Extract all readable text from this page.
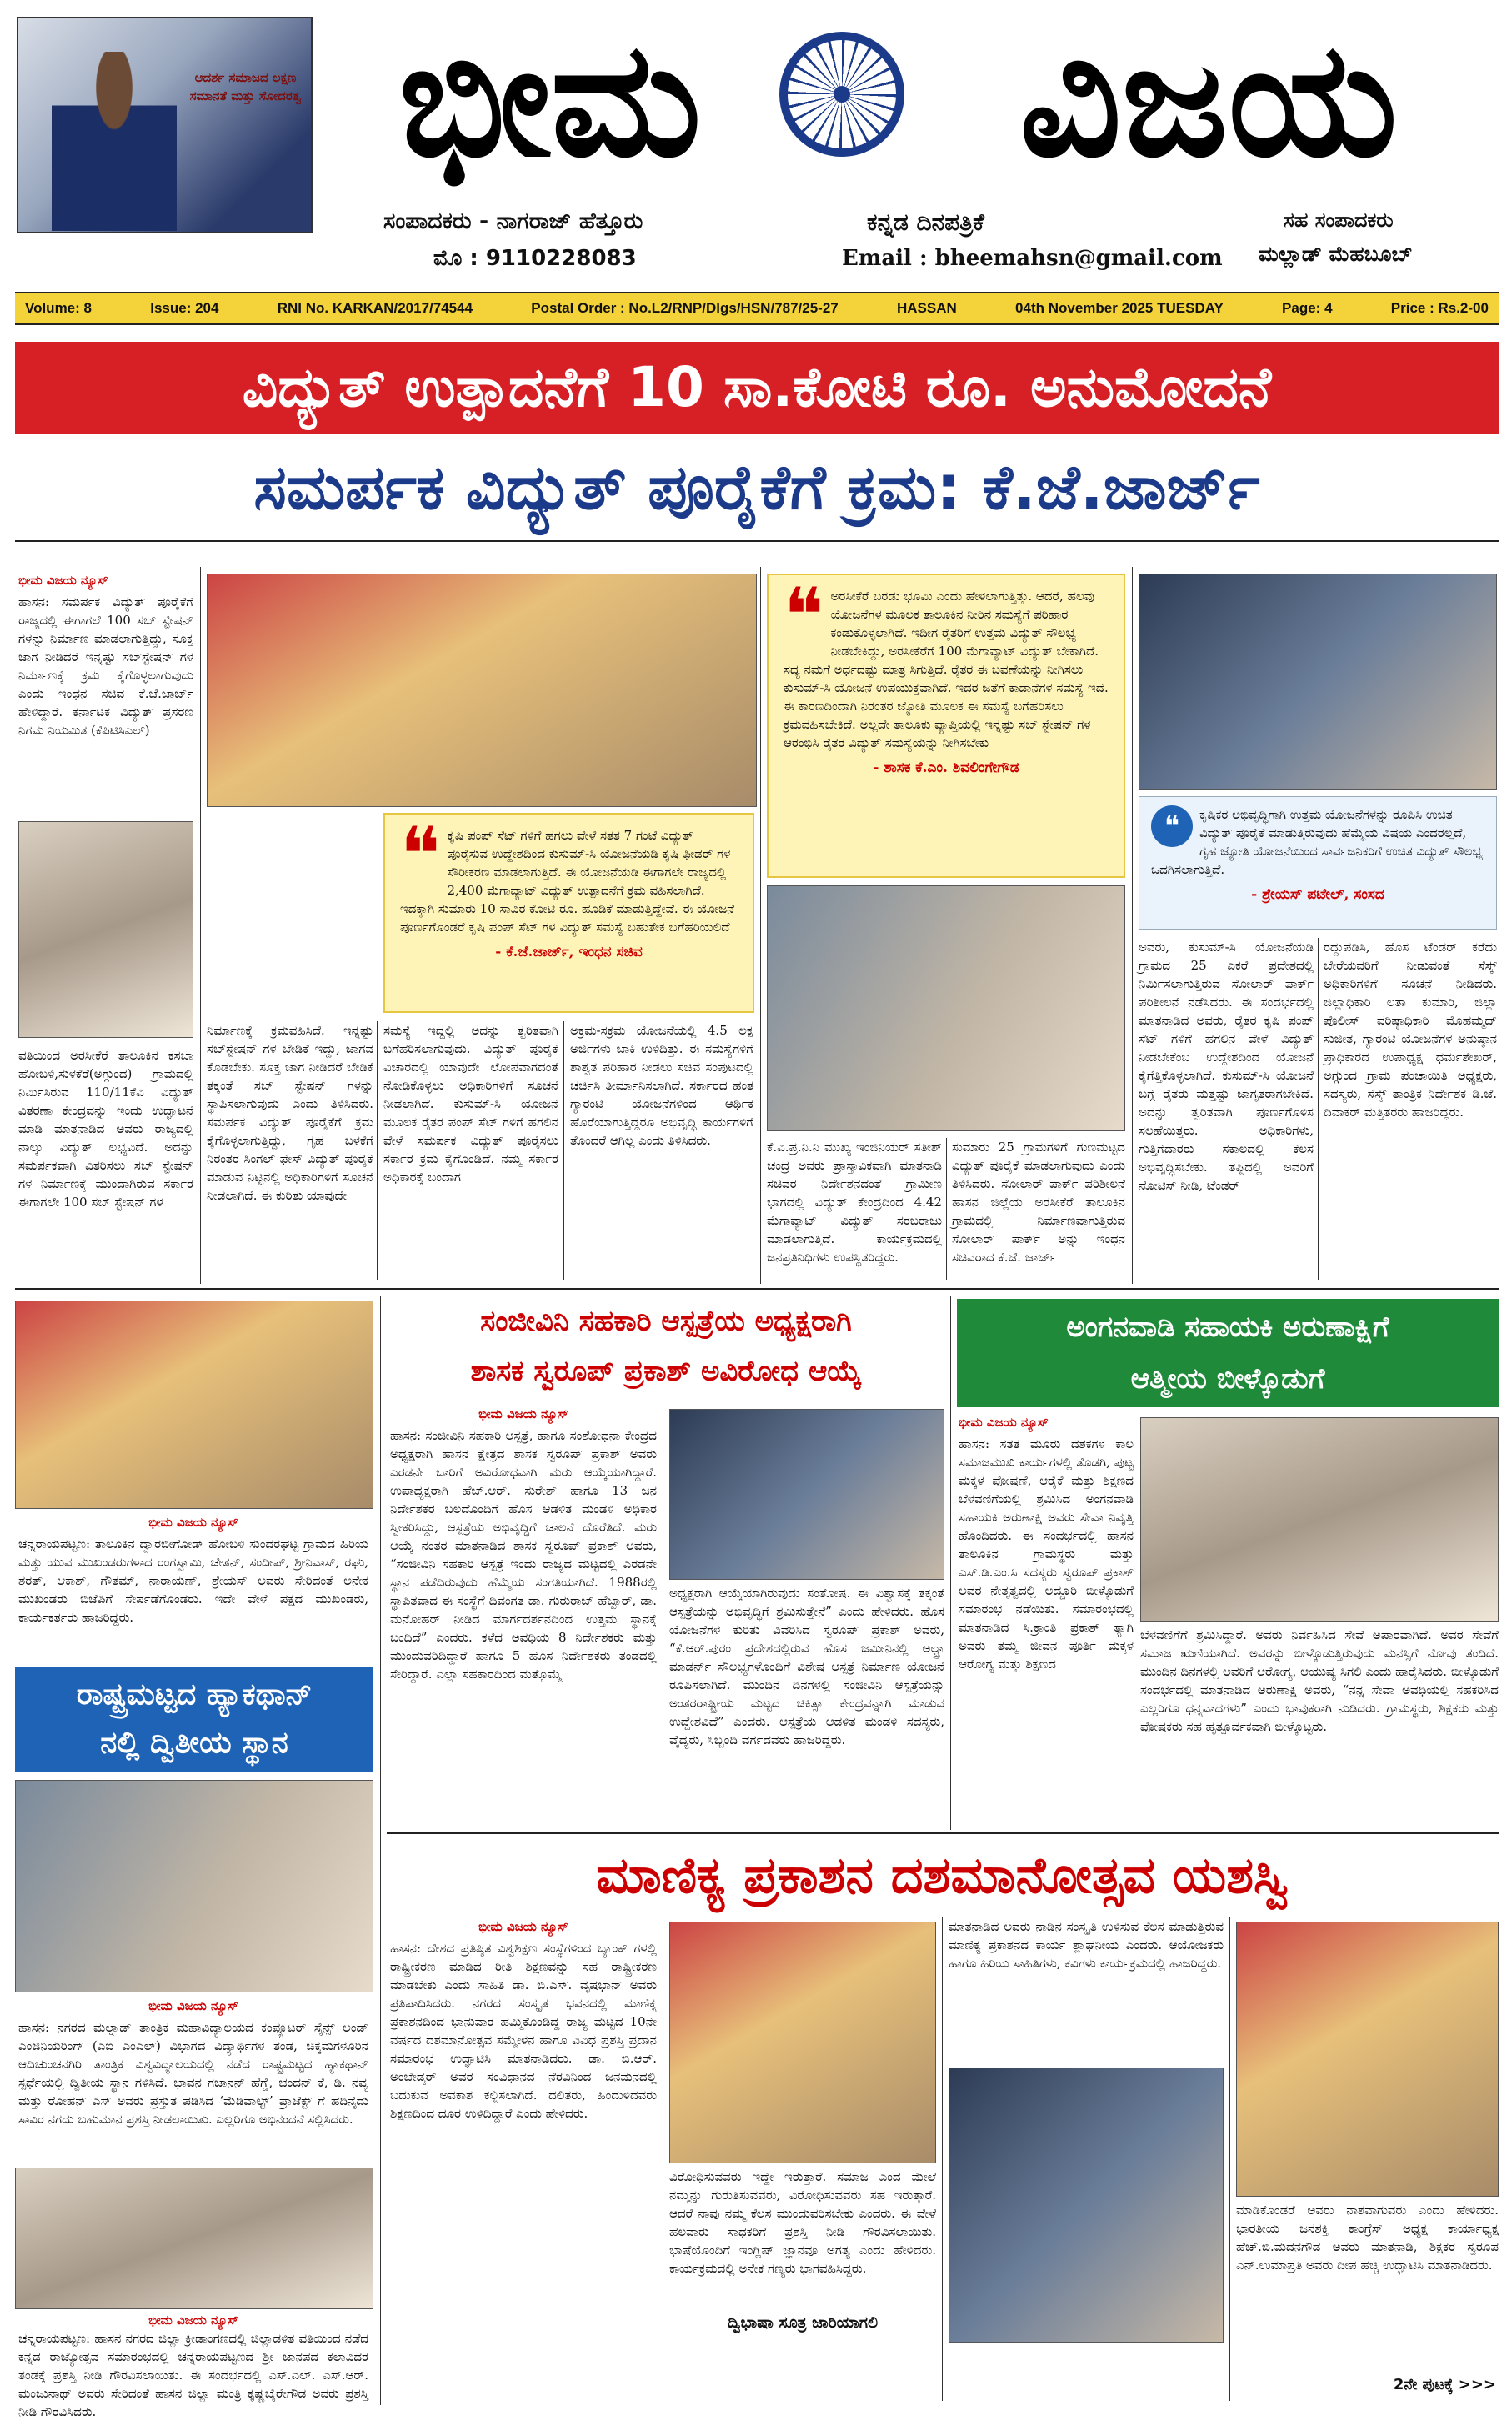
ಆದರ್ಶ ಸಮಾಜದ ಲಕ್ಷಣ ಸಮಾನತೆ ಮತ್ತು ಸೋದರತ್ವ ಭೀಮ	ವಿಜಯ
ಸಂಪಾದಕರು - ನಾಗರಾಜ್ ಹೆತ್ತೂರು
ಮೊ : 9110228083
ಕನ್ನಡ ದಿನಪತ್ರಿಕೆ
Email : bheemahsn@gmail.com
ಸಹ ಸಂಪಾದಕರು
ಮಲ್ಲಾಡ್ ಮೆಹಬೂಬ್
Volume: 8	Issue: 204	RNI No. KARKAN/2017/74544	Postal Order : No.L2/RNP/Dlgs/HSN/787/25-27	HASSAN	04th November 2025 TUESDAY	Page: 4	Price : Rs.2-00
ವಿದ್ಯುತ್ ಉತ್ಪಾದನೆಗೆ 10 ಸಾ.ಕೋಟಿ ರೂ. ಅನುಮೋದನೆ
ಸಮರ್ಪಕ ವಿದ್ಯುತ್ ಪೂರೈಕೆಗೆ ಕ್ರಮ: ಕೆ.ಜೆ.ಜಾರ್ಜ್
ಭೀಮ ವಿಜಯ ನ್ಯೂಸ್
ಹಾಸನ: ಸಮರ್ಪಕ ವಿದ್ಯುತ್ ಪೂರೈಕೆಗೆ ರಾಜ್ಯದಲ್ಲಿ ಈಗಾಗಲೆ 100 ಸಬ್ ಸ್ಟೇಷನ್ ಗಳನ್ನು ನಿರ್ಮಾಣ ಮಾಡಲಾಗುತ್ತಿದ್ದು, ಸೂಕ್ತ ಜಾಗ ನೀಡಿದರೆ ಇನ್ನಷ್ಟು ಸಬ್‌ಸ್ಟೇಷನ್ ಗಳ ನಿರ್ಮಾಣಕ್ಕೆ ಕ್ರಮ ಕೈಗೊಳ್ಳಲಾಗುವುದು ಎಂದು ಇಂಧನ ಸಚಿವ ಕೆ.ಜೆ.ಜಾರ್ಜ್ ಹೇಳಿದ್ದಾರೆ. ಕರ್ನಾಟಕ ವಿದ್ಯುತ್ ಪ್ರಸರಣ ನಿಗಮ ನಿಯಮಿತ (ಕೆಪಿಟಿಸಿಎಲ್)
ವತಿಯಿಂದ ಅರಸೀಕೆರೆ ತಾಲೂಕಿನ ಕಸಬಾ ಹೋಬಳಿ,ಸುಳಕೆರೆ(ಅಗ್ಗುಂದ) ಗ್ರಾಮದಲ್ಲಿ ನಿರ್ಮಿಸಿರುವ 110/11ಕೆವಿ ವಿದ್ಯುತ್ ವಿತರಣಾ ಕೇಂದ್ರವನ್ನು ಇಂದು ಉದ್ಘಾಟನೆ ಮಾಡಿ ಮಾತನಾಡಿದ ಅವರು ರಾಜ್ಯದಲ್ಲಿ ನಾಲ್ಕು ವಿದ್ಯುತ್ ಲಭ್ಯವಿದೆ. ಅದನ್ನು ಸಮರ್ಪಕವಾಗಿ ವಿತರಿಸಲು ಸಬ್ ಸ್ಟೇಷನ್ ಗಳ ನಿರ್ಮಾಣಕ್ಕೆ ಮುಂದಾಗಿರುವ ಸರ್ಕಾರ ಈಗಾಗಲೇ 100 ಸಬ್ ಸ್ಟೇಷನ್ ಗಳ
❝ ಕೃಷಿ ಪಂಪ್ ಸೆಟ್ ಗಳಿಗೆ ಹಗಲು ವೇಳೆ ಸತತ 7 ಗಂಟೆ ವಿದ್ಯುತ್ ಪೂರೈಸುವ ಉದ್ದೇಶದಿಂದ ಕುಸುಮ್-ಸಿ ಯೋಜನೆಯಡಿ ಕೃಷಿ ಫೀಡರ್ ಗಳ ಸೌರೀಕರಣ ಮಾಡಲಾಗುತ್ತಿದೆ. ಈ ಯೋಜನೆಯಡಿ ಈಗಾಗಲೇ ರಾಜ್ಯದಲ್ಲಿ 2,400 ಮೆಗಾವ್ಯಾಟ್ ವಿದ್ಯುತ್ ಉತ್ಪಾದನೆಗೆ ಕ್ರಮ ವಹಿಸಲಾಗಿದೆ. ಇದಕ್ಕಾಗಿ ಸುಮಾರು 10 ಸಾವಿರ ಕೋಟಿ ರೂ. ಹೂಡಿಕೆ ಮಾಡುತ್ತಿದ್ದೇವೆ. ಈ ಯೋಜನೆ ಪೂರ್ಣಗೊಂಡರೆ ಕೃಷಿ ಪಂಪ್ ಸೆಟ್ ಗಳ ವಿದ್ಯುತ್ ಸಮಸ್ಯೆ ಬಹುತೇಕ ಬಗೆಹರಿಯಲಿದೆ
- ಕೆ.ಜೆ.ಜಾರ್ಜ್, ಇಂಧನ ಸಚಿವ
ನಿರ್ಮಾಣಕ್ಕೆ ಕ್ರಮವಹಿಸಿದೆ. ಇನ್ನಷ್ಟು ಸಬ್‌ಸ್ಟೇಷನ್ ಗಳ ಬೇಡಿಕೆ ಇದ್ದು, ಜಾಗವ ಕೊಡಬೇಕು. ಸೂಕ್ತ ಜಾಗ ನೀಡಿದರೆ ಬೇಡಿಕೆ ತಕ್ಕಂತೆ ಸಬ್ ಸ್ಟೇಷನ್ ಗಳನ್ನು ಸ್ಥಾಪಿಸಲಾಗುವುದು ಎಂದು ತಿಳಿಸಿದರು. ಸಮರ್ಪಕ ವಿದ್ಯುತ್ ಪೂರೈಕೆಗೆ ಕ್ರಮ ಕೈಗೊಳ್ಳಲಾಗುತ್ತಿದ್ದು, ಗೃಹ ಬಳಕೆಗೆ ನಿರಂತರ ಸಿಂಗಲ್ ಫೇಸ್ ವಿದ್ಯುತ್ ಪೂರೈಕೆ ಮಾಡುವ ನಿಟ್ಟಿನಲ್ಲಿ ಅಧಿಕಾರಿಗಳಿಗೆ ಸೂಚನೆ ನೀಡಲಾಗಿದೆ. ಈ ಕುರಿತು ಯಾವುದೇ
ಸಮಸ್ಯೆ ಇದ್ದಲ್ಲಿ ಅದನ್ನು ತ್ವರಿತವಾಗಿ ಬಗೆಹರಿಸಲಾಗುವುದು. ವಿದ್ಯುತ್ ಪೂರೈಕೆ ವಿಚಾರದಲ್ಲಿ ಯಾವುದೇ ಲೋಪವಾಗದಂತೆ ನೋಡಿಕೊಳ್ಳಲು ಅಧಿಕಾರಿಗಳಿಗೆ ಸೂಚನೆ ನೀಡಲಾಗಿದೆ. ಕುಸುಮ್-ಸಿ ಯೋಜನೆ ಮೂಲಕ ರೈತರ ಪಂಪ್ ಸೆಟ್ ಗಳಿಗೆ ಹಗಲಿನ ವೇಳೆ ಸಮರ್ಪಕ ವಿದ್ಯುತ್ ಪೂರೈಸಲು ಸರ್ಕಾರ ಕ್ರಮ ಕೈಗೊಂಡಿದೆ. ನಮ್ಮ ಸರ್ಕಾರ ಅಧಿಕಾರಕ್ಕೆ ಬಂದಾಗ
ಅಕ್ರಮ-ಸಕ್ರಮ ಯೋಜನೆಯಲ್ಲಿ 4.5 ಲಕ್ಷ ಅರ್ಜಿಗಳು ಬಾಕಿ ಉಳಿದಿತ್ತು. ಈ ಸಮಸ್ಯೆಗಳಿಗೆ ಶಾಶ್ವತ ಪರಿಹಾರ ನೀಡಲು ಸಚಿವ ಸಂಪುಟದಲ್ಲಿ ಚರ್ಚಿಸಿ ತೀರ್ಮಾನಿಸಲಾಗಿದೆ. ಸರ್ಕಾರದ ಹಂತ ಗ್ಯಾರಂಟಿ ಯೋಜನೆಗಳಿಂದ ಆರ್ಥಿಕ ಹೊರೆಯಾಗುತ್ತಿದ್ದರೂ ಅಭಿವೃದ್ಧಿ ಕಾರ್ಯಗಳಿಗೆ ತೊಂದರೆ ಆಗಿಲ್ಲ ಎಂದು ತಿಳಿಸಿದರು.
❝ ಅರಸೀಕೆರೆ ಬರಡು ಭೂಮಿ ಎಂದು ಹೇಳಲಾಗುತ್ತಿತ್ತು. ಆದರೆ, ಹಲವು ಯೋಜನೆಗಳ ಮೂಲಕ ತಾಲೂಕಿನ ನೀರಿನ ಸಮಸ್ಯೆಗೆ ಪರಿಹಾರ ಕಂಡುಕೊಳ್ಳಲಾಗಿದೆ. ಇದೀಗ ರೈತರಿಗೆ ಉತ್ತಮ ವಿದ್ಯುತ್ ಸೌಲಭ್ಯ ನೀಡಬೇಕಿದ್ದು, ಅರಸೀಕೆರೆಗೆ 100 ಮೆಗಾವ್ಯಾಟ್ ವಿದ್ಯುತ್ ಬೇಕಾಗಿದೆ. ಸದ್ಯ ನಮಗೆ ಅರ್ಧದಷ್ಟು ಮಾತ್ರ ಸಿಗುತ್ತಿದೆ. ರೈತರ ಈ ಬವಣೆಯನ್ನು ನೀಗಿಸಲು ಕುಸುಮ್-ಸಿ ಯೋಜನೆ ಉಪಯುಕ್ತವಾಗಿದೆ. ಇದರ ಜತೆಗೆ ಕಾಡಾನೆಗಳ ಸಮಸ್ಯೆ ಇದೆ. ಈ ಕಾರಣದಿಂದಾಗಿ ನಿರಂತರ ಜ್ಯೋತಿ ಮೂಲಕ ಈ ಸಮಸ್ಯೆ ಬಗೆಹರಿಸಲು ಕ್ರಮವಹಿಸಬೇಕಿದೆ. ಅಲ್ಲದೇ ತಾಲೂಕು ವ್ಯಾಪ್ತಿಯಲ್ಲಿ ಇನ್ನಷ್ಟು ಸಬ್ ಸ್ಟೇಷನ್ ಗಳ ಆರಂಭಿಸಿ ರೈತರ ವಿದ್ಯುತ್ ಸಮಸ್ಯೆಯನ್ನು ನೀಗಿಸಬೇಕು
- ಶಾಸಕ ಕೆ.ಎಂ. ಶಿವಲಿಂಗೇಗೌಡ
ಕೆ.ವಿ.ಪ್ರ.ನಿ.ನಿ ಮುಖ್ಯ ಇಂಜಿನಿಯರ್ ಸತೀಶ್ ಚಂದ್ರ ಅವರು ಪ್ರಾಸ್ತಾವಿಕವಾಗಿ ಮಾತನಾಡಿ ಸಚಿವರ ನಿರ್ದೇಶನದಂತೆ ಗ್ರಾಮೀಣ ಭಾಗದಲ್ಲಿ ವಿದ್ಯುತ್ ಕೇಂದ್ರದಿಂದ 4.42 ಮೆಗಾವ್ಯಾಟ್ ವಿದ್ಯುತ್ ಸರಬರಾಜು ಮಾಡಲಾಗುತ್ತಿದೆ. ಕಾರ್ಯಕ್ರಮದಲ್ಲಿ ಜನಪ್ರತಿನಿಧಿಗಳು ಉಪಸ್ಥಿತರಿದ್ದರು.
ಸುಮಾರು 25 ಗ್ರಾಮಗಳಿಗೆ ಗುಣಮಟ್ಟದ ವಿದ್ಯುತ್ ಪೂರೈಕೆ ಮಾಡಲಾಗುವುದು ಎಂದು ತಿಳಿಸಿದರು. ಸೋಲಾರ್ ಪಾರ್ಕ್ ಪರಿಶೀಲನೆ ಹಾಸನ ಜಿಲ್ಲೆಯ ಅರಸೀಕೆರೆ ತಾಲೂಕಿನ ಗ್ರಾಮದಲ್ಲಿ ನಿರ್ಮಾಣವಾಗುತ್ತಿರುವ ಸೋಲಾರ್ ಪಾರ್ಕ್ ಅನ್ನು ಇಂಧನ ಸಚಿವರಾದ ಕೆ.ಜೆ. ಜಾರ್ಜ್
❝	ಕೃಷಿಕರ ಅಭಿವೃದ್ಧಿಗಾಗಿ ಉತ್ತಮ ಯೋಜನೆಗಳನ್ನು ರೂಪಿಸಿ ಉಚಿತ ವಿದ್ಯುತ್ ಪೂರೈಕೆ ಮಾಡುತ್ತಿರುವುದು ಹೆಮ್ಮೆಯ ವಿಷಯ ಎಂದರಲ್ಲದೆ, ಗೃಹ ಜ್ಯೋತಿ ಯೋಜನೆಯಿಂದ ಸಾರ್ವಜನಿಕರಿಗೆ ಉಚಿತ ವಿದ್ಯುತ್ ಸೌಲಭ್ಯ ಒದಗಿಸಲಾಗುತ್ತಿದೆ.
- ಶ್ರೇಯಸ್ ಪಟೇಲ್, ಸಂಸದ
ಅವರು, ಕುಸುಮ್-ಸಿ ಯೋಜನೆಯಡಿ ಗ್ರಾಮದ 25 ಎಕರೆ ಪ್ರದೇಶದಲ್ಲಿ ನಿರ್ಮಿಸಲಾಗುತ್ತಿರುವ ಸೋಲಾರ್ ಪಾರ್ಕ್ ಪರಿಶೀಲನೆ ನಡೆಸಿದರು. ಈ ಸಂದರ್ಭದಲ್ಲಿ ಮಾತನಾಡಿದ ಅವರು, ರೈತರ ಕೃಷಿ ಪಂಪ್ ಸೆಟ್ ಗಳಿಗೆ ಹಗಲಿನ ವೇಳೆ ವಿದ್ಯುತ್ ನೀಡಬೇಕೆಂಬ ಉದ್ದೇಶದಿಂದ ಯೋಜನೆ ಕೈಗೆತ್ತಿಕೊಳ್ಳಲಾಗಿದೆ. ಕುಸುಮ್-ಸಿ ಯೋಜನೆ ಬಗ್ಗೆ ರೈತರು ಮತ್ತಷ್ಟು ಜಾಗೃತರಾಗಬೇಕಿದೆ. ಅದನ್ನು ತ್ವರಿತವಾಗಿ ಪೂರ್ಣಗೊಳಿಸ ಸಲಹೆಯಿತ್ತರು. ಅಧಿಕಾರಿಗಳು, ಗುತ್ತಿಗೆದಾರರು ಸಕಾಲದಲ್ಲಿ ಕೆಲಸ ಅಭಿವೃದ್ಧಿಸಬೇಕು. ತಪ್ಪಿದಲ್ಲಿ ಅವರಿಗೆ ನೋಟಿಸ್ ನೀಡಿ, ಟೆಂಡರ್
ರದ್ದುಪಡಿಸಿ, ಹೊಸ ಟೆಂಡರ್ ಕರೆದು ಬೇರೆಯವರಿಗೆ ನೀಡುವಂತೆ ಸೆಸ್ಕ್ ಅಧಿಕಾರಿಗಳಿಗೆ ಸೂಚನೆ ನೀಡಿದರು. ಜಿಲ್ಲಾಧಿಕಾರಿ ಲತಾ ಕುಮಾರಿ, ಜಿಲ್ಲಾ ಪೊಲೀಸ್ ವರಿಷ್ಠಾಧಿಕಾರಿ ಮೊಹಮ್ಮದ್ ಸುಜೀತ, ಗ್ಯಾರಂಟಿ ಯೋಜನೆಗಳ ಅನುಷ್ಠಾನ ಪ್ರಾಧಿಕಾರದ ಉಪಾಧ್ಯಕ್ಷ ಧರ್ಮಶೇಖರ್, ಅಗ್ಗುಂದ ಗ್ರಾಮ ಪಂಚಾಯಿತಿ ಅಧ್ಯಕ್ಷರು, ಸದಸ್ಯರು, ಸೆಸ್ಕ್ ತಾಂತ್ರಿಕ ನಿರ್ದೇಶಕ ಡಿ.ಜೆ. ದಿವಾಕರ್ ಮತ್ತಿತರರು ಹಾಜರಿದ್ದರು.
ಭೀಮ ವಿಜಯ ನ್ಯೂಸ್
ಚನ್ನರಾಯಪಟ್ಟಣ: ತಾಲೂಕಿನ ದ್ವಾರಬೀಗೋಡ್ ಹೋಬಳಿ ಸುಂದರಘಟ್ಟ ಗ್ರಾಮದ ಹಿರಿಯ ಮತ್ತು ಯುವ ಮುಖಂಡರುಗಳಾದ ರಂಗಸ್ವಾಮಿ, ಚೇತನ್, ಸಂದೀಪ್, ಶ್ರೀನಿವಾಸ್, ರಘು, ಶರತ್, ಆಕಾಶ್, ಗೌತಮ್, ನಾರಾಯಣ್, ಶ್ರೇಯಸ್ ಅವರು ಸೇರಿದಂತೆ ಅನೇಕ ಮುಖಂಡರು ಬಿಜೆಪಿಗೆ ಸೇರ್ಪಡೆಗೊಂಡರು. ಇದೇ ವೇಳೆ ಪಕ್ಷದ ಮುಖಂಡರು, ಕಾರ್ಯಕರ್ತರು ಹಾಜರಿದ್ದರು.
ರಾಷ್ಟ್ರಮಟ್ಟದ ಹ್ಯಾಕಥಾನ್
ನಲ್ಲಿ ದ್ವಿತೀಯ ಸ್ಥಾನ
ಭೀಮ ವಿಜಯ ನ್ಯೂಸ್
ಹಾಸನ: ನಗರದ ಮಲ್ನಾಡ್ ತಾಂತ್ರಿಕ ಮಹಾವಿದ್ಯಾಲಯದ ಕಂಪ್ಯೂಟರ್ ಸೈನ್ಸ್ ಅಂಡ್ ಎಂಜಿನಿಯರಿಂಗ್ (ಎಐ ಎಂಎಲ್) ವಿಭಾಗದ ವಿದ್ಯಾರ್ಥಿಗಳ ತಂಡ, ಚಿಕ್ಕಮಗಳೂರಿನ ಆದಿಚುಂಚನಗಿರಿ ತಾಂತ್ರಿಕ ವಿಶ್ವವಿದ್ಯಾಲಯದಲ್ಲಿ ನಡೆದ ರಾಷ್ಟ್ರಮಟ್ಟದ ಹ್ಯಾಕಥಾನ್ ಸ್ಪರ್ಧೆಯಲ್ಲಿ ದ್ವಿತೀಯ ಸ್ಥಾನ ಗಳಿಸಿದೆ. ಭಾವನ ಗಜಾನನ್ ಹೆಗ್ಡೆ, ಚಂದನ್ ಕೆ, ಡಿ. ನವ್ಯ ಮತ್ತು ರೋಹನ್ ಎಸ್ ಅವರು ಪ್ರಸ್ತುತ ಪಡಿಸಿದ ‘ಮೆಡಿವಾಲ್ಟ್’ ಪ್ರಾಜೆಕ್ಟ್ ಗೆ ಹದಿನೈದು ಸಾವಿರ ನಗದು ಬಹುಮಾನ ಪ್ರಶಸ್ತಿ ನೀಡಲಾಯಿತು. ಎಲ್ಲರಿಗೂ ಅಭಿನಂದನೆ ಸಲ್ಲಿಸಿದರು.
ಭೀಮ ವಿಜಯ ನ್ಯೂಸ್
ಚನ್ನರಾಯಪಟ್ಟಣ: ಹಾಸನ ನಗರದ ಜಿಲ್ಲಾ ಕ್ರೀಡಾಂಗಣದಲ್ಲಿ ಜಿಲ್ಲಾಡಳಿತ ವತಿಯಿಂದ ನಡೆದ ಕನ್ನಡ ರಾಜ್ಯೋತ್ಸವ ಸಮಾರಂಭದಲ್ಲಿ ಚನ್ನರಾಯಪಟ್ಟಣದ ಶ್ರೀ ಜಾನಪದ ಕಲಾವಿದರ ತಂಡಕ್ಕೆ ಪ್ರಶಸ್ತಿ ನೀಡಿ ಗೌರವಿಸಲಾಯಿತು. ಈ ಸಂದರ್ಭದಲ್ಲಿ ಎಸ್.ಎಲ್. ಎಸ್.ಆರ್. ಮಂಜುನಾಥ್ ಅವರು ಸೇರಿದಂತೆ ಹಾಸನ ಜಿಲ್ಲಾ ಮಂತ್ರಿ ಕೃಷ್ಣಬೈರೇಗೌಡ ಅವರು ಪ್ರಶಸ್ತಿ ನೀಡಿ ಗೌರವಿಸಿದರು.
ಸಂಜೀವಿನಿ ಸಹಕಾರಿ ಆಸ್ಪತ್ರೆಯ ಅಧ್ಯಕ್ಷರಾಗಿ
ಶಾಸಕ ಸ್ವರೂಪ್ ಪ್ರಕಾಶ್ ಅವಿರೋಧ ಆಯ್ಕೆ
ಭೀಮ ವಿಜಯ ನ್ಯೂಸ್
ಹಾಸನ: ಸಂಜೀವಿನಿ ಸಹಕಾರಿ ಆಸ್ಪತ್ರೆ, ಹಾಗೂ ಸಂಶೋಧನಾ ಕೇಂದ್ರದ ಅಧ್ಯಕ್ಷರಾಗಿ ಹಾಸನ ಕ್ಷೇತ್ರದ ಶಾಸಕ ಸ್ವರೂಪ್ ಪ್ರಕಾಶ್ ಅವರು ಎರಡನೇ ಬಾರಿಗೆ ಅವಿರೋಧವಾಗಿ ಮರು ಆಯ್ಕೆಯಾಗಿದ್ದಾರೆ. ಉಪಾಧ್ಯಕ್ಷರಾಗಿ ಹೆಚ್.ಆರ್. ಸುರೇಶ್ ಹಾಗೂ 13 ಜನ ನಿರ್ದೇಶಕರ ಬಲದೊಂದಿಗೆ ಹೊಸ ಆಡಳಿತ ಮಂಡಳಿ ಅಧಿಕಾರ ಸ್ವೀಕರಿಸಿದ್ದು, ಆಸ್ಪತ್ರೆಯ ಅಭಿವೃದ್ಧಿಗೆ ಚಾಲನೆ ದೊರೆತಿದೆ. ಮರು ಆಯ್ಕೆ ನಂತರ ಮಾತನಾಡಿದ ಶಾಸಕ ಸ್ವರೂಪ್ ಪ್ರಕಾಶ್ ಅವರು, “ಸಂಜೀವಿನಿ ಸಹಕಾರಿ ಆಸ್ಪತ್ರೆ ಇಂದು ರಾಜ್ಯದ ಮಟ್ಟದಲ್ಲಿ ಎರಡನೇ ಸ್ಥಾನ ಪಡೆದಿರುವುದು ಹೆಮ್ಮೆಯ ಸಂಗತಿಯಾಗಿದೆ. 1988ರಲ್ಲಿ ಸ್ಥಾಪಿತವಾದ ಈ ಸಂಸ್ಥೆಗೆ ದಿವಂಗತ ಡಾ. ಗುರುರಾಜ್ ಹೆಬ್ಬಾರ್, ಡಾ. ಮನೋಹರ್ ನೀಡಿದ ಮಾರ್ಗದರ್ಶನದಿಂದ ಉತ್ತಮ ಸ್ಥಾನಕ್ಕೆ ಬಂದಿದೆ” ಎಂದರು. ಕಳೆದ ಅವಧಿಯ 8 ನಿರ್ದೇಶಕರು ಮತ್ತು ಮುಂದುವರಿದಿದ್ದಾರೆ ಹಾಗೂ 5 ಹೊಸ ನಿರ್ದೇಶಕರು ತಂಡದಲ್ಲಿ ಸೇರಿದ್ದಾರೆ. ಎಲ್ಲಾ ಸಹಕಾರದಿಂದ ಮತ್ತೊಮ್ಮೆ
ಅಧ್ಯಕ್ಷರಾಗಿ ಆಯ್ಕೆಯಾಗಿರುವುದು ಸಂತೋಷ. ಈ ವಿಶ್ವಾಸಕ್ಕೆ ತಕ್ಕಂತೆ ಆಸ್ಪತ್ರೆಯನ್ನು ಅಭಿವೃದ್ಧಿಗೆ ಶ್ರಮಿಸುತ್ತೇನೆ” ಎಂದು ಹೇಳಿದರು. ಹೊಸ ಯೋಜನೆಗಳ ಕುರಿತು ವಿವರಿಸಿದ ಸ್ವರೂಪ್ ಪ್ರಕಾಶ್ ಅವರು, “ಕೆ.ಆರ್.ಪುರಂ ಪ್ರದೇಶದಲ್ಲಿರುವ ಹೊಸ ಜಮೀನಿನಲ್ಲಿ ಅಲ್ಟ್ರಾ ಮಾಡರ್ನ್ ಸೌಲಭ್ಯಗಳೊಂದಿಗೆ ವಿಶೇಷ ಆಸ್ಪತ್ರೆ ನಿರ್ಮಾಣ ಯೋಜನೆ ರೂಪಿಸಲಾಗಿದೆ. ಮುಂದಿನ ದಿನಗಳಲ್ಲಿ ಸಂಜೀವಿನಿ ಆಸ್ಪತ್ರೆಯನ್ನು ಅಂತರರಾಷ್ಟ್ರೀಯ ಮಟ್ಟದ ಚಿಕಿತ್ಸಾ ಕೇಂದ್ರವನ್ನಾಗಿ ಮಾಡುವ ಉದ್ದೇಶವಿದೆ” ಎಂದರು. ಆಸ್ಪತ್ರೆಯ ಆಡಳಿತ ಮಂಡಳಿ ಸದಸ್ಯರು, ವೈದ್ಯರು, ಸಿಬ್ಬಂದಿ ವರ್ಗದವರು ಹಾಜರಿದ್ದರು.
ಅಂಗನವಾಡಿ ಸಹಾಯಕಿ ಅರುಣಾಕ್ಷಿಗೆ
ಆತ್ಮೀಯ ಬೀಳ್ಕೊಡುಗೆ
ಭೀಮ ವಿಜಯ ನ್ಯೂಸ್
ಹಾಸನ: ಸತತ ಮೂರು ದಶಕಗಳ ಕಾಲ ಸಮಾಜಮುಖಿ ಕಾರ್ಯಗಳಲ್ಲಿ ತೊಡಗಿ, ಪುಟ್ಟ ಮಕ್ಕಳ ಪೋಷಣೆ, ಆರೈಕೆ ಮತ್ತು ಶಿಕ್ಷಣದ ಬೆಳವಣಿಗೆಯಲ್ಲಿ ಶ್ರಮಿಸಿದ ಅಂಗನವಾಡಿ ಸಹಾಯಕಿ ಅರುಣಾಕ್ಷಿ ಅವರು ಸೇವಾ ನಿವೃತ್ತಿ ಹೊಂದಿದರು. ಈ ಸಂದರ್ಭದಲ್ಲಿ ಹಾಸನ ತಾಲೂಕಿನ ಗ್ರಾಮಸ್ಥರು ಮತ್ತು ಎಸ್.ಡಿ.ಎಂ.ಸಿ ಸದಸ್ಯರು ಸ್ವರೂಪ್ ಪ್ರಕಾಶ್ ಅವರ ನೇತೃತ್ವದಲ್ಲಿ ಅದ್ದೂರಿ ಬೀಳ್ಕೊಡುಗೆ ಸಮಾರಂಭ ನಡೆಯಿತು. ಸಮಾರಂಭದಲ್ಲಿ ಮಾತನಾಡಿದ ಸಿ.ಕ್ರಾಂತಿ ಪ್ರಕಾಶ್ ತ್ಯಾಗಿ ಅವರು ತಮ್ಮ ಜೀವನ ಪೂರ್ತಿ ಮಕ್ಕಳ ಆರೋಗ್ಯ ಮತ್ತು ಶಿಕ್ಷಣದ
ಬೆಳವಣಿಗೆಗೆ ಶ್ರಮಿಸಿದ್ದಾರೆ. ಅವರು ನಿರ್ವಹಿಸಿದ ಸೇವೆ ಅಪಾರವಾಗಿದೆ. ಅವರ ಸೇವೆಗೆ ಸಮಾಜ ಋಣಿಯಾಗಿದೆ. ಅವರನ್ನು ಬೀಳ್ಕೊಡುತ್ತಿರುವುದು ಮನಸ್ಸಿಗೆ ನೋವು ತಂದಿದೆ. ಮುಂದಿನ ದಿನಗಳಲ್ಲಿ ಅವರಿಗೆ ಆರೋಗ್ಯ, ಆಯುಷ್ಯ ಸಿಗಲಿ ಎಂದು ಹಾರೈಸಿದರು. ಬೀಳ್ಕೊಡುಗೆ ಸಂದರ್ಭದಲ್ಲಿ ಮಾತನಾಡಿದ ಅರುಣಾಕ್ಷಿ ಅವರು, “ನನ್ನ ಸೇವಾ ಅವಧಿಯಲ್ಲಿ ಸಹಕರಿಸಿದ ಎಲ್ಲರಿಗೂ ಧನ್ಯವಾದಗಳು” ಎಂದು ಭಾವುಕರಾಗಿ ನುಡಿದರು. ಗ್ರಾಮಸ್ಥರು, ಶಿಕ್ಷಕರು ಮತ್ತು ಪೋಷಕರು ಸಹ ಹೃತ್ಪೂರ್ವಕವಾಗಿ ಬೀಳ್ಕೊಟ್ಟರು.
ಮಾಣಿಕ್ಯ ಪ್ರಕಾಶನ ದಶಮಾನೋತ್ಸವ ಯಶಸ್ವಿ
ಭೀಮ ವಿಜಯ ನ್ಯೂಸ್
ಹಾಸನ: ದೇಶದ ಪ್ರತಿಷ್ಠಿತ ವಿಶ್ವಶಿಕ್ಷಣ ಸಂಸ್ಥೆಗಳಿಂದ ಬ್ಯಾಂಕ್ ಗಳಲ್ಲಿ ರಾಷ್ಟ್ರೀಕರಣ ಮಾಡಿದ ರೀತಿ ಶಿಕ್ಷಣವನ್ನು ಸಹ ರಾಷ್ಟ್ರೀಕರಣ ಮಾಡಬೇಕು ಎಂದು ಸಾಹಿತಿ ಡಾ. ಬಿ.ಎಸ್. ವೃಷಭಾನ್ ಅವರು ಪ್ರತಿಪಾದಿಸಿದರು. ನಗರದ ಸಂಸ್ಕೃತ ಭವನದಲ್ಲಿ ಮಾಣಿಕ್ಯ ಪ್ರಕಾಶನದಿಂದ ಭಾನುವಾರ ಹಮ್ಮಿಕೊಂಡಿದ್ದ ರಾಜ್ಯ ಮಟ್ಟದ 10ನೇ ವರ್ಷದ ದಶಮಾನೋತ್ಸವ ಸಮ್ಮೇಳನ ಹಾಗೂ ವಿವಿಧ ಪ್ರಶಸ್ತಿ ಪ್ರದಾನ ಸಮಾರಂಭ ಉದ್ಘಾಟಿಸಿ ಮಾತನಾಡಿದರು. ಡಾ. ಬಿ.ಆರ್. ಅಂಬೇಡ್ಕರ್ ಅವರ ಸಂವಿಧಾನದ ನೆರವಿನಿಂದ ಜನಮನದಲ್ಲಿ ಬದುಕುವ ಅವಕಾಶ ಕಲ್ಪಿಸಲಾಗಿದೆ. ದಲಿತರು, ಹಿಂದುಳಿದವರು ಶಿಕ್ಷಣದಿಂದ ದೂರ ಉಳಿದಿದ್ದಾರೆ ಎಂದು ಹೇಳಿದರು.
ವಿರೋಧಿಸುವವರು ಇದ್ದೇ ಇರುತ್ತಾರೆ. ಸಮಾಜ ಎಂದ ಮೇಲೆ ನಮ್ಮನ್ನು ಗುರುತಿಸುವವರು, ವಿರೋಧಿಸುವವರು ಸಹ ಇರುತ್ತಾರೆ. ಆದರೆ ನಾವು ನಮ್ಮ ಕೆಲಸ ಮುಂದುವರಿಸಬೇಕು ಎಂದರು. ಈ ವೇಳೆ ಹಲವಾರು ಸಾಧಕರಿಗೆ ಪ್ರಶಸ್ತಿ ನೀಡಿ ಗೌರವಿಸಲಾಯಿತು. ಭಾಷೆಯೊಂದಿಗೆ ಇಂಗ್ಲಿಷ್ ಜ್ಞಾನವೂ ಅಗತ್ಯ ಎಂದು ಹೇಳಿದರು. ಕಾರ್ಯಕ್ರಮದಲ್ಲಿ ಅನೇಕ ಗಣ್ಯರು ಭಾಗವಹಿಸಿದ್ದರು.
ದ್ವಿಭಾಷಾ ಸೂತ್ರ ಜಾರಿಯಾಗಲಿ
ಮಾತನಾಡಿದ ಅವರು ನಾಡಿನ ಸಂಸ್ಕೃತಿ ಉಳಿಸುವ ಕೆಲಸ ಮಾಡುತ್ತಿರುವ ಮಾಣಿಕ್ಯ ಪ್ರಕಾಶನದ ಕಾರ್ಯ ಶ್ಲಾಘನೀಯ ಎಂದರು. ಆಯೋಜಕರು ಹಾಗೂ ಹಿರಿಯ ಸಾಹಿತಿಗಳು, ಕವಿಗಳು ಕಾರ್ಯಕ್ರಮದಲ್ಲಿ ಹಾಜರಿದ್ದರು.
ಮಾಡಿಕೊಂಡರೆ ಅವರು ನಾಶವಾಗುವರು ಎಂದು ಹೇಳಿದರು. ಭಾರತೀಯ ಜನಶಕ್ತಿ ಕಾಂಗ್ರೆಸ್ ಅಧ್ಯಕ್ಷ ಕಾರ್ಯಾಧ್ಯಕ್ಷ ಹೆಚ್.ಬಿ.ಮದನಗೌಡ ಅವರು ಮಾತನಾಡಿ, ಶಿಕ್ಷಕರ ಸ್ವರೂಪ ಎನ್.ಉಮಾಪ್ರತಿ ಅವರು ದೀಪ ಹಚ್ಚಿ ಉದ್ಘಾಟಿಸಿ ಮಾತನಾಡಿದರು.
2ನೇ ಪುಟಕ್ಕೆ >>>
